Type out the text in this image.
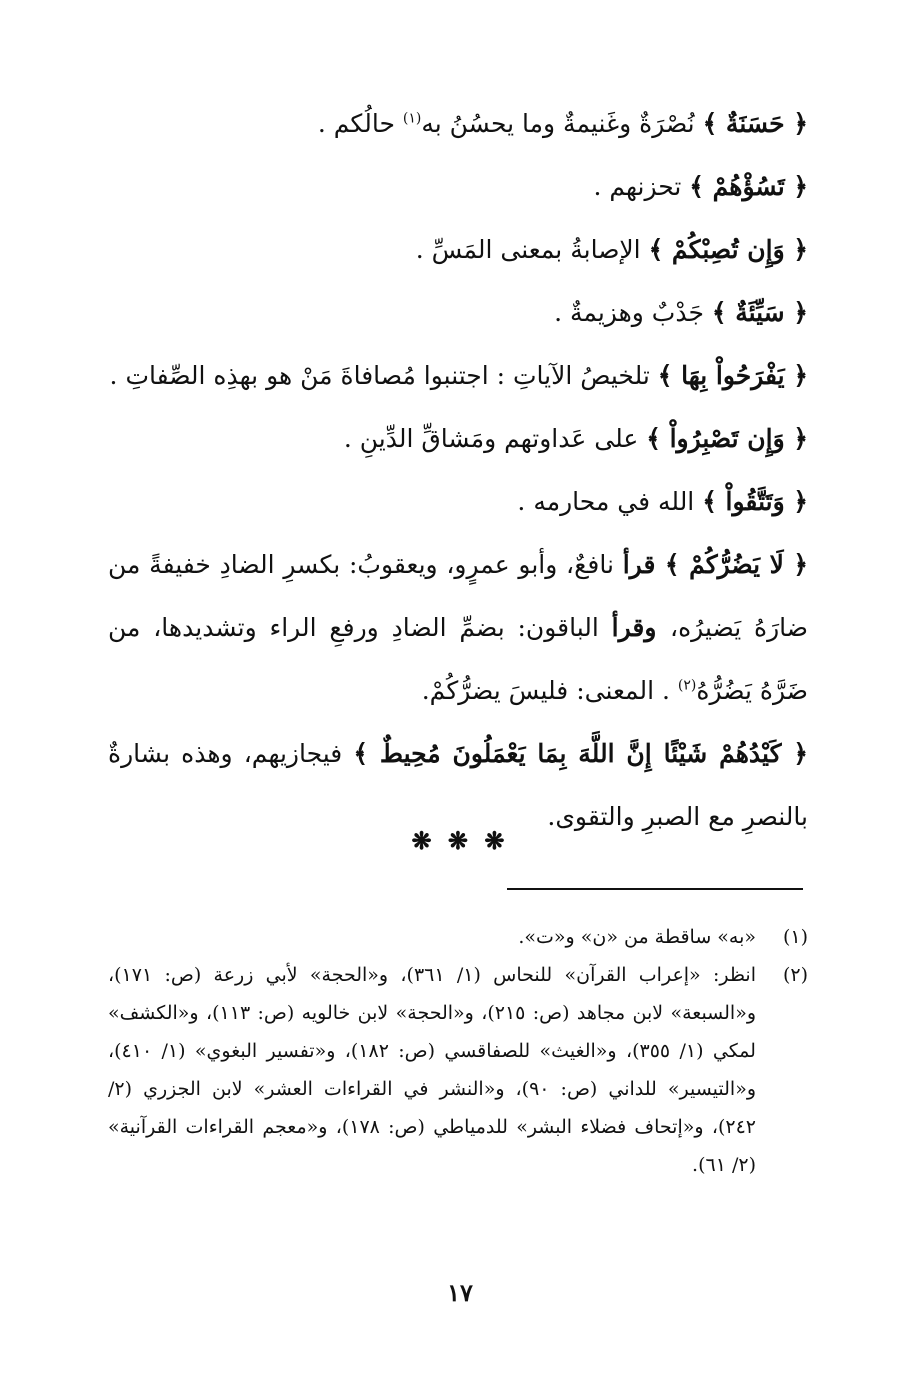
﴿ حَسَنَةٌ ﴾ نُصْرَةٌ وغَنيمةٌ وما يحسُنُ به$^{(١)}$ حالُكم .

﴿ تَسُؤْهُمْ ﴾ تحزنهم .

﴿ وَإِن تُصِبْكُمْ ﴾ الإصابةُ بمعنى المَسِّ .

﴿ سَيِّئَةٌ ﴾ جَدْبٌ وهزيمةٌ .

﴿ يَفْرَحُواْ بِهَا ﴾ تلخيصُ الآياتِ : اجتنبوا مُصافاةَ مَنْ هو بهذِه الصِّفاتِ .

﴿ وَإِن تَصْبِرُواْ ﴾ على عَداوتهم ومَشاقِّ الدِّينِ .

﴿ وَتَتَّقُواْ ﴾ الله في محارمه .

﴿ لَا يَضُرُّكُمْ ﴾ قرأ نافعٌ، وأبو عمرٍو، ويعقوبُ: بكسرِ الضادِ خفيفةً من ضارَهُ يَضيرُه، وقرأ الباقون: بضمِّ الضادِ ورفعِ الراء وتشديدها، من ضَرَّهُ يَضُرُّهُ$^{(٢)}$ . المعنى: فليسَ يضرُّكُمْ.

﴿ كَيْدُهُمْ شَيْئًا إِنَّ اللَّهَ بِمَا يَعْمَلُونَ مُحِيطٌ ﴾ فيجازيهم، وهذه بشارةٌ بالنصرِ مع الصبرِ والتقوى.

❋ ❋ ❋
(١)
«به» ساقطة من «ن» و«ت».
(٢)
انظر: «إعراب القرآن» للنحاس (١/ ٣٦١)، و«الحجة» لأبي زرعة (ص: ١٧١)، و«السبعة» لابن مجاهد (ص: ٢١٥)، و«الحجة» لابن خالويه (ص: ١١٣)، و«الكشف» لمكي (١/ ٣٥٥)، و«الغيث» للصفاقسي (ص: ١٨٢)، و«تفسير البغوي» (١/ ٤١٠)، و«التيسير» للداني (ص: ٩٠)، و«النشر في القراءات العشر» لابن الجزري (٢/ ٢٤٢)، و«إتحاف فضلاء البشر» للدمياطي (ص: ١٧٨)، و«معجم القراءات القرآنية» (٢/ ٦١).
١٧
